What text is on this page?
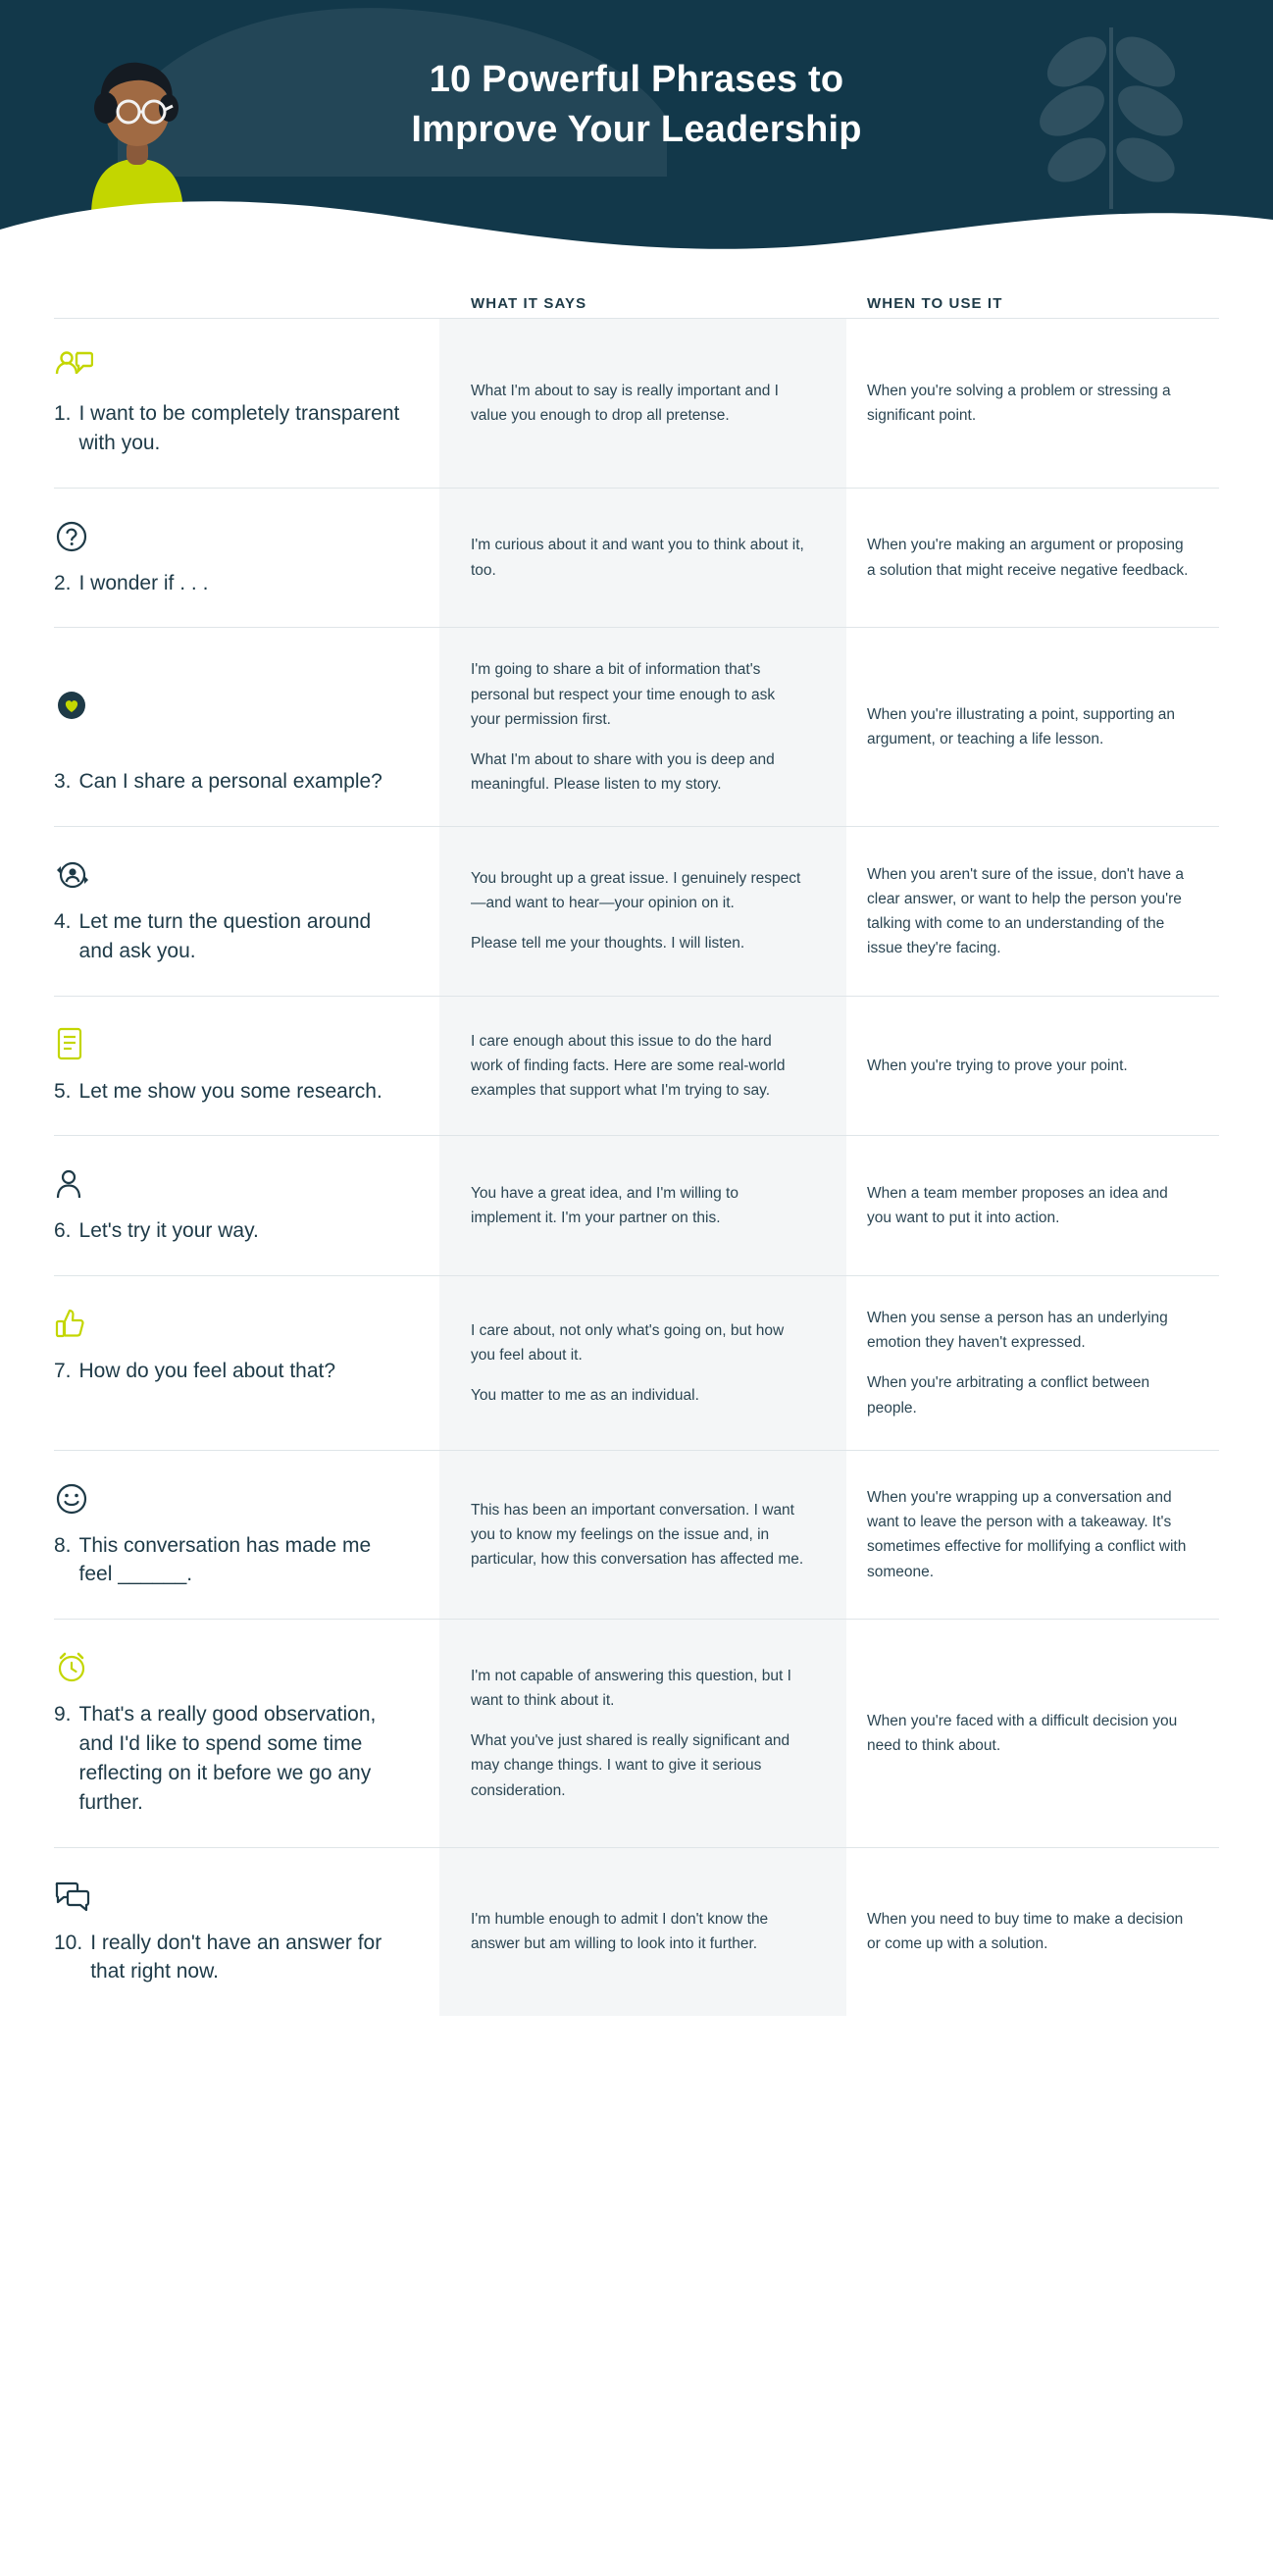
10 Powerful Phrases to
Improve Your Leadership
WHAT IT SAYS	WHEN TO USE IT
1. I want to be completely transparent with you.
What I'm about to say is really important and I value you enough to drop all pretense.
When you're solving a problem or stressing a significant point.
2. I wonder if . . .
I'm curious about it and want you to think about it, too.
When you're making an argument or proposing a solution that might receive negative feedback.
3. Can I share a personal example?
I'm going to share a bit of information that's personal but respect your time enough to ask your permission first.
What I'm about to share with you is deep and meaningful. Please listen to my story.
When you're illustrating a point, supporting an argument, or teaching a life lesson.
4. Let me turn the question around and ask you.
You brought up a great issue. I genuinely respect—and want to hear—your opinion on it.
Please tell me your thoughts. I will listen.
When you aren't sure of the issue, don't have a clear answer, or want to help the person you're talking with come to an understanding of the issue they're facing.
5. Let me show you some research.
I care enough about this issue to do the hard work of finding facts. Here are some real-world examples that support what I'm trying to say.
When you're trying to prove your point.
6. Let's try it your way.
You have a great idea, and I'm willing to implement it. I'm your partner on this.
When a team member proposes an idea and you want to put it into action.
7. How do you feel about that?
I care about, not only what's going on, but how you feel about it.
You matter to me as an individual.
When you sense a person has an underlying emotion they haven't expressed.
When you're arbitrating a conflict between people.
8. This conversation has made me feel ______.
This has been an important conversation. I want you to know my feelings on the issue and, in particular, how this conversation has affected me.
When you're wrapping up a conversation and want to leave the person with a takeaway. It's sometimes effective for mollifying a conflict with someone.
9. That's a really good observation, and I'd like to spend some time reflecting on it before we go any further.
I'm not capable of answering this question, but I want to think about it.
What you've just shared is really significant and may change things. I want to give it serious consideration.
When you're faced with a difficult decision you need to think about.
10. I really don't have an answer for that right now.
I'm humble enough to admit I don't know the answer but am willing to look into it further.
When you need to buy time to make a decision or come up with a solution.
